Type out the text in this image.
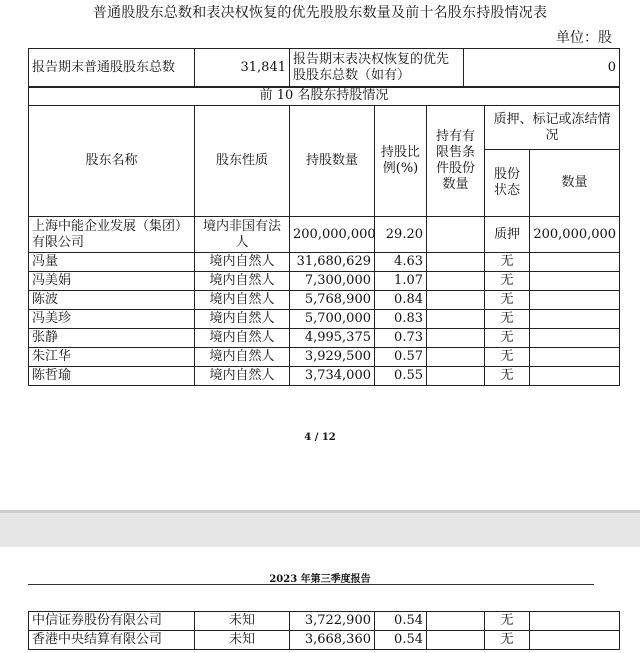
普通股股东总数和表决权恢复的优先股股东数量及前十名股东持股情况表
单位：股
报告期末普通股股东总数	31,841	报告期末表决权恢复的优先股股东总数（如有）	0
前 10 名股东持股情况						
股东名称	股东性质	持股数量	持股比例(%)	持有有限售条件股份数量	质押、标记或冻结情况	
					股份状态	数量
上海中能企业发展（集团）有限公司	境内非国有法人	200,000,000	29.20		质押	200,000,000
冯量	境内自然人	31,680,629	4.63		无	
冯美娟	境内自然人	7,300,000	1.07		无	
陈波	境内自然人	5,768,900	0.84		无	
冯美珍	境内自然人	5,700,000	0.83		无	
张静	境内自然人	4,995,375	0.73		无	
朱江华	境内自然人	3,929,500	0.57		无	
陈哲瑜	境内自然人	3,734,000	0.55		无	
4 / 12
2023 年第三季度报告
中信证券股份有限公司	未知	3,722,900	0.54		无	
香港中央结算有限公司	未知	3,668,360	0.54		无	
